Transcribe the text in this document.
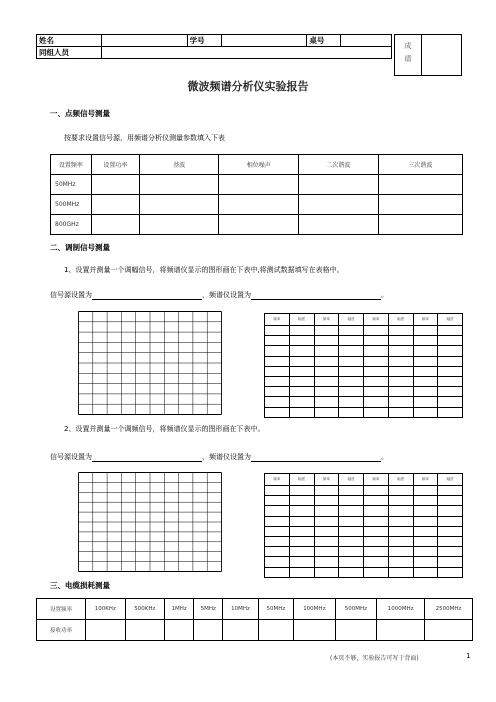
姓名		学号		桌号	
同组人员						成绩
微波频谱分析仪实验报告
一、点频信号测量
按要求设置信号源，用频谱分析仪测量参数填入下表
设置频率	设置功率	基波	相位噪声	二次谐波	三次谐波
50MHz					
500MHz					
800GHz					
二、调制信号测量
1、设置并测量一个调幅信号，将频谱仪显示的图形画在下表中,将测试数据填写在表格中。
信号源设置为	，频谱仪设置为	。
频率	幅度	频率	幅度	频率	幅度	频率	幅度

2、设置并测量一个调频信号，将频谱仪显示的图形画在下表中。
信号源设置为	，频谱仪设置为	。
频率	幅度	频率	幅度	频率	幅度	频率	幅度

三、电缆损耗测量
设置频率	100KHz	500KHz	1MHz	5MHz	10MHz	50MHz	100MHz	500MHz	1000MHz	2500MHz
接收功率										
(本页不够，实验报告可写于背面)	1
